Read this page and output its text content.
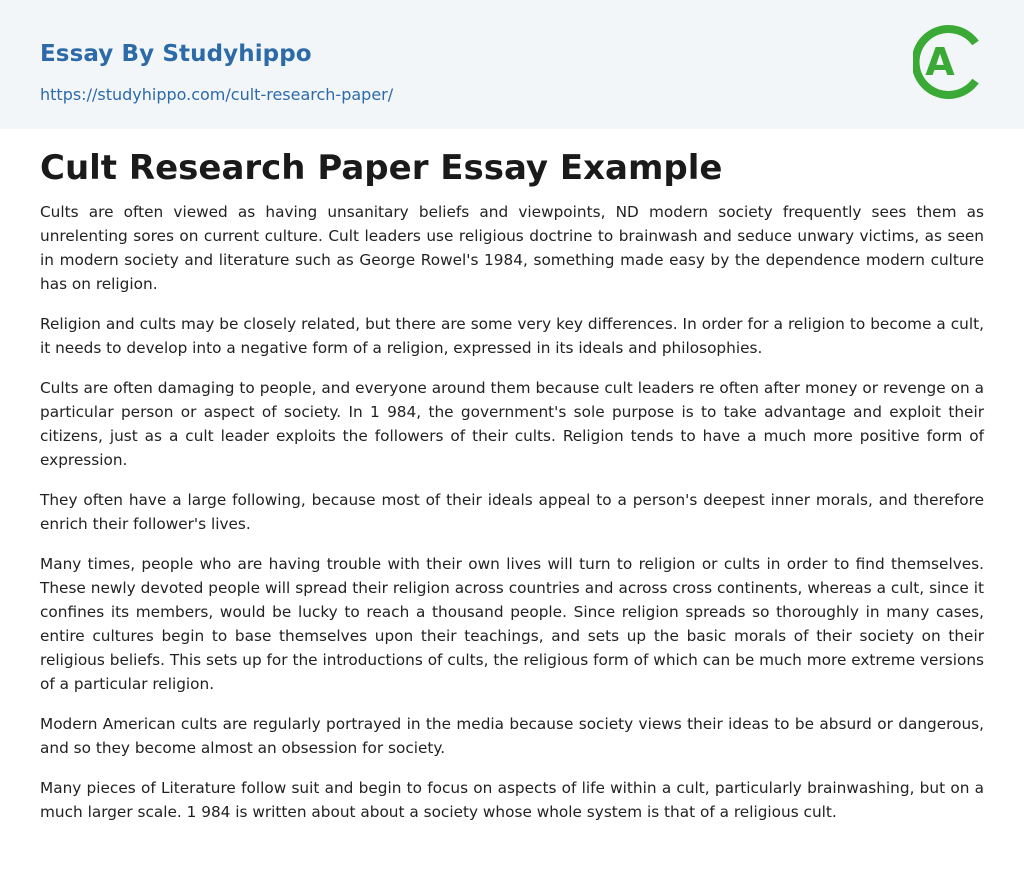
Essay By Studyhippo
https://studyhippo.com/cult-research-paper/
A
Cult Research Paper Essay Example

Cults are often viewed as having unsanitary beliefs and viewpoints, ND modern society frequently sees them as unrelenting sores on current culture. Cult leaders use religious doctrine to brainwash and seduce unwary victims, as seen in modern society and literature such as George Rowel's 1984, something made easy by the dependence modern culture has on religion.

Religion and cults may be closely related, but there are some very key differences. In order for a religion to become a cult, it needs to develop into a negative form of a religion, expressed in its ideals and philosophies.

Cults are often damaging to people, and everyone around them because cult leaders re often after money or revenge on a particular person or aspect of society. In 1 984, the government's sole purpose is to take advantage and exploit their citizens, just as a cult leader exploits the followers of their cults. Religion tends to have a much more positive form of expression.

They often have a large following, because most of their ideals appeal to a person's deepest inner morals, and therefore enrich their follower's lives.

Many times, people who are having trouble with their own lives will turn to religion or cults in order to find themselves. These newly devoted people will spread their religion across countries and across cross continents, whereas a cult, since it confines its members, would be lucky to reach a thousand people. Since religion spreads so thoroughly in many cases, entire cultures begin to base themselves upon their teachings, and sets up the basic morals of their society on their religious beliefs. This sets up for the introductions of cults, the religious form of which can be much more extreme versions of a particular religion.

Modern American cults are regularly portrayed in the media because society views their ideas to be absurd or dangerous, and so they become almost an obsession for society.

Many pieces of Literature follow suit and begin to focus on aspects of life within a cult, particularly brainwashing, but on a much larger scale. 1 984 is written about about a society whose whole system is that of a religious cult.
